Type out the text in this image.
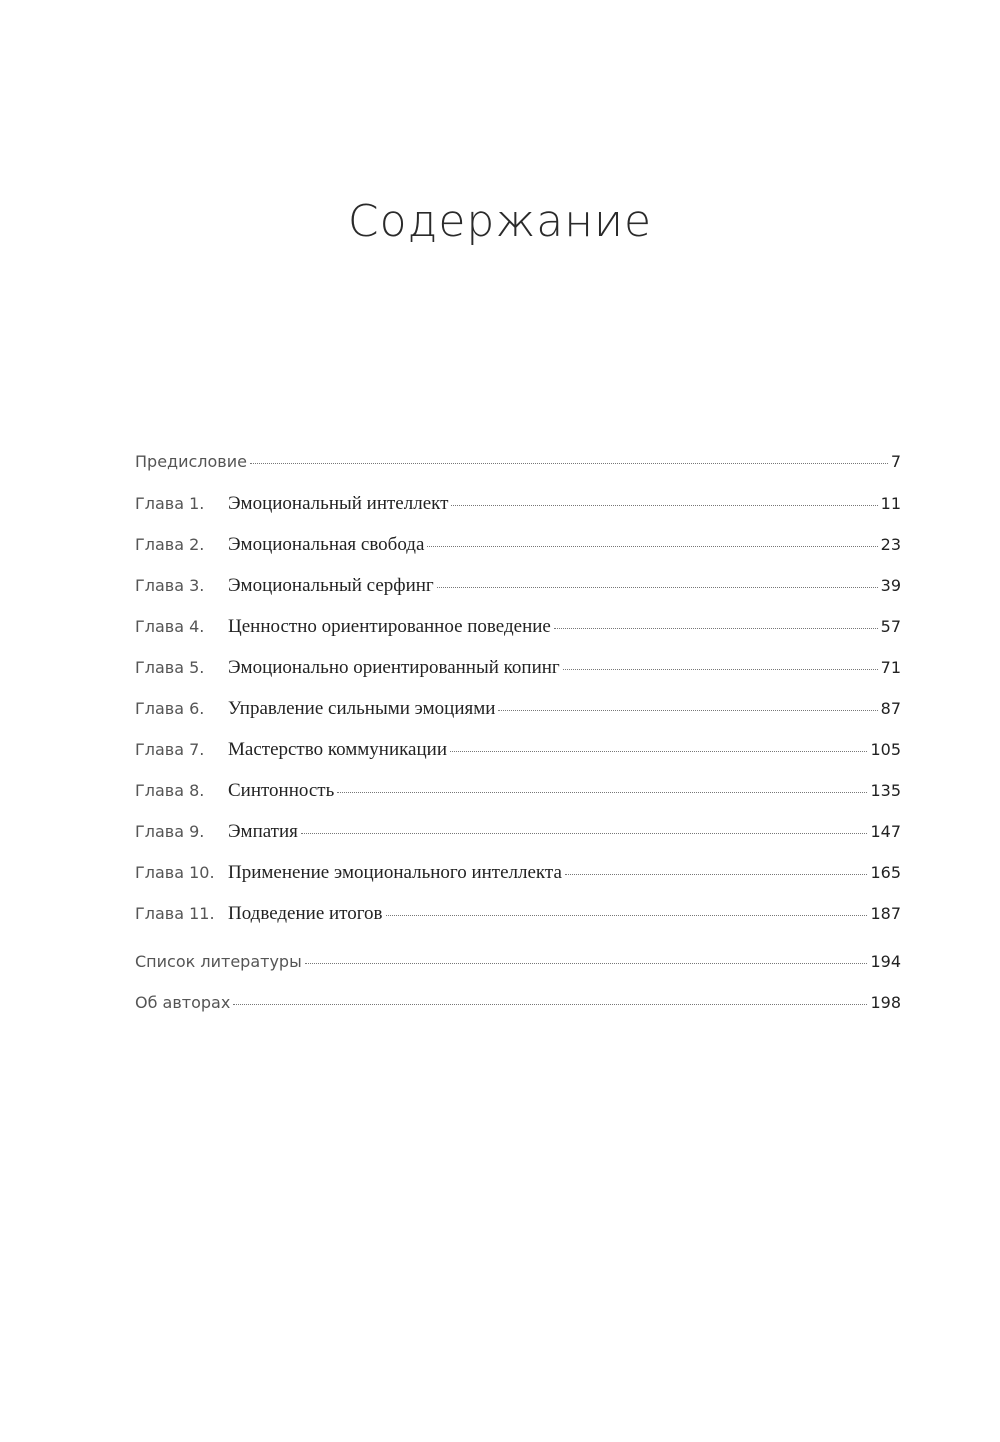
Содержание
Предисловие	7
Глава 1.	Эмоциональный интеллект	11
Глава 2.	Эмоциональная свобода	23
Глава 3.	Эмоциональный серфинг	39
Глава 4.	Ценностно ориентированное поведение	57
Глава 5.	Эмоционально ориентированный копинг	71
Глава 6.	Управление сильными эмоциями	87
Глава 7.	Мастерство коммуникации	105
Глава 8.	Синтонность	135
Глава 9.	Эмпатия	147
Глава 10. Применение эмоционального интеллекта	165
Глава 11. Подведение итогов	187
Список литературы	194
Об авторах	198
